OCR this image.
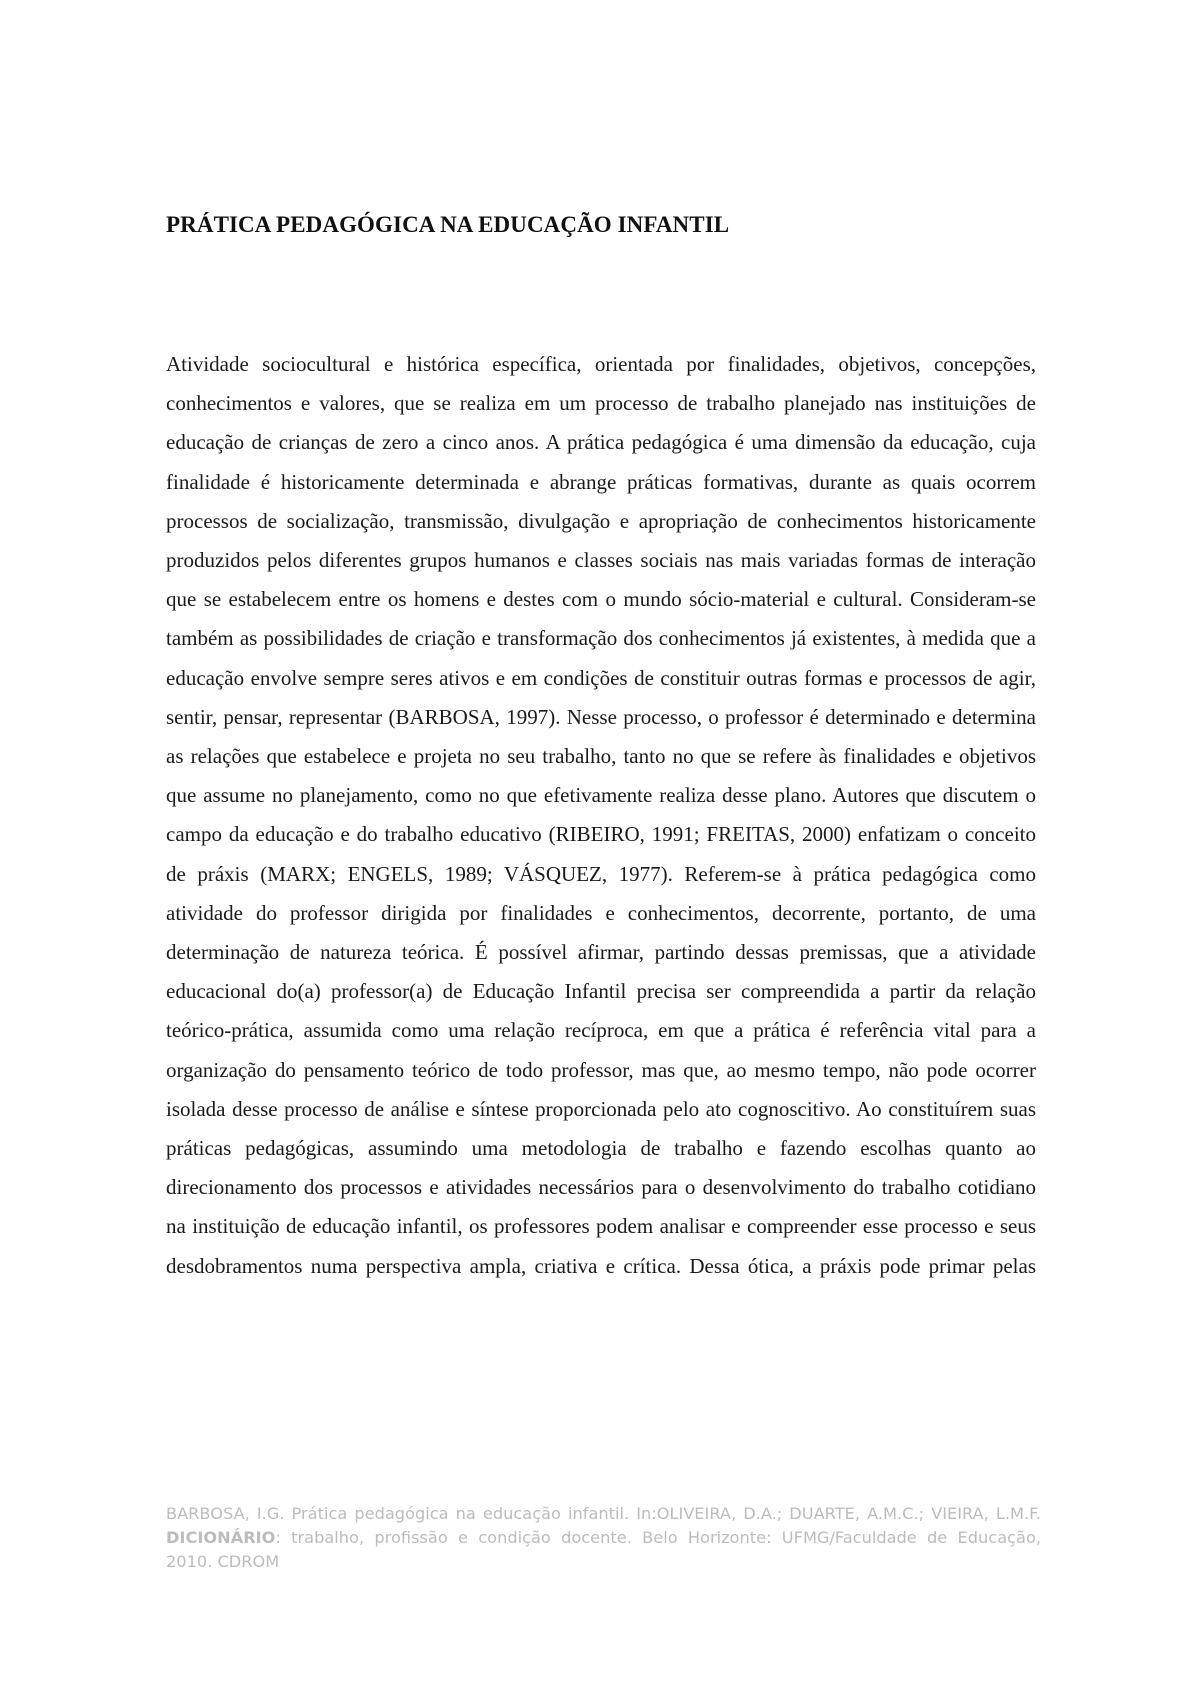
PRÁTICA PEDAGÓGICA NA EDUCAÇÃO INFANTIL

Atividade sociocultural e histórica específica, orientada por finalidades, objetivos, concepções, conhecimentos e valores, que se realiza em um processo de trabalho planejado nas instituições de educação de crianças de zero a cinco anos. A prática pedagógica é uma dimensão da educação, cuja finalidade é historicamente determinada e abrange práticas formativas, durante as quais ocorrem processos de socialização, transmissão, divulgação e apropriação de conhecimentos historicamente produzidos pelos diferentes grupos humanos e classes sociais nas mais variadas formas de interação que se estabelecem entre os homens e destes com o mundo sócio-material e cultural. Consideram-se também as possibilidades de criação e transformação dos conhecimentos já existentes, à medida que a educação envolve sempre seres ativos e em condições de constituir outras formas e processos de agir, sentir, pensar, representar (BARBOSA, 1997). Nesse processo, o professor é determinado e determina as relações que estabelece e projeta no seu trabalho, tanto no que se refere às finalidades e objetivos que assume no planejamento, como no que efetivamente realiza desse plano. Autores que discutem o campo da educação e do trabalho educativo (RIBEIRO, 1991; FREITAS, 2000) enfatizam o conceito de práxis (MARX; ENGELS, 1989; VÁSQUEZ, 1977). Referem-se à prática pedagógica como atividade do professor dirigida por finalidades e conhecimentos, decorrente, portanto, de uma determinação de natureza teórica. É possível afirmar, partindo dessas premissas, que a atividade educacional do(a) professor(a) de Educação Infantil precisa ser compreendida a partir da relação teórico-prática, assumida como uma relação recíproca, em que a prática é referência vital para a organização do pensamento teórico de todo professor, mas que, ao mesmo tempo, não pode ocorrer isolada desse processo de análise e síntese proporcionada pelo ato cognoscitivo. Ao constituírem suas práticas pedagógicas, assumindo uma metodologia de trabalho e fazendo escolhas quanto ao direcionamento dos processos e atividades necessários para o desenvolvimento do trabalho cotidiano na instituição de educação infantil, os professores podem analisar e compreender esse processo e seus desdobramentos numa perspectiva ampla, criativa e crítica. Dessa ótica, a práxis pode primar pelas

BARBOSA, I.G. Prática pedagógica na educação infantil. In:OLIVEIRA, D.A.; DUARTE, A.M.C.; VIEIRA, L.M.F. DICIONÁRIO: trabalho, profissão e condição docente. Belo Horizonte: UFMG/Faculdade de Educação, 2010. CDROM
